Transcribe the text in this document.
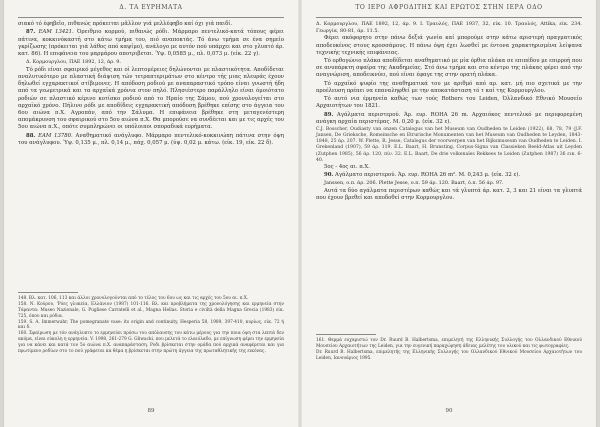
Δ. ΤΑ ΕΥΡΗΜΑΤΑ

σιακό τό έφηβεῖο, πιθανώς πρόκειται μᾶλλον γιά μελλέφηβο καί όχι γιά παιδί.

87. ΕΑΜ 13421. Όρειθμιο κορμού, πιθανώς ρόδι. Μάρμαρο πεντελικό-κατά τόπους φέρει πάτινα, κοκκινόκαστή στο κάτω τμήμα του, πιό αναποκτάς. Τό άνω τμήμα σε ένα σημείο γκρίζωσης (πρόκειται γιά λάθος από καψίμο), ανάλογο με αυτόν πού υπάρχει και στο γλυπτό άρ. κατ. 86). Η επιφάνεια του μαρμάρου αποτριβεται. Ύψ. 0,0585 μ., πλ. 0,073 μ. (είκ. 22 γ).

Δ. Κορμουργλου, ΠΑΕ 1892, 12, άρ. 9.

Τό ρόδι είναι σφαιρικό μέγεθος και οί λεπτομέρειες δηλώνονται με πλαστικότητα. Αποδίδεται αναλυτικότερο με πλαστική διάψιση τών τετραπτεριμάτων στο κέντρο τής μιας πλευράς έχουν δηλωθεί εγχαρακτικοί στίβιμονες. Η απόδοση ροδιού με αναπαραστικό τρόπο είναι γνωστή ήδη από τα γεωμετρικά και τα αρχαϊκά χρόνια στον πηλό. Πλησιέστερο παράλληλο είναι όμοιότατο ροδιών σε πλαστικό κέρινο κοτίσκο ροδιού από το Ηραίο της Σάμου, πού χρονολογείται στο αρχαϊκό χρόνο. Πήλινο ρόδι με αποδίδεις εγχαρακτική απόδοση βρέθηκε επίσης στο άγγεια του 6ου αιώνα π.Χ. Αγροπάν, από την Σάλυμα. Η επιφάνεια βρέθηκε στη μεταγενέστερη απομάκρυνση του σφαιρικού στο 5ου αιώνα π.Χ. Θα μπορούσε να συνδέεται και με τις αρχές του 5ου αιώνα π.Χ., οπότε συμπληρώνει οι υπόλοιποι σποραδικά ευρήματα.

88. ΕΑΜ 13780. Αναθηματικό ανάγλυφο. Μάρμαρο πεντελικό-κοκκινώπη πάτινα στην όψη του ανάγλυφου. Ύψ. 0,135 μ., πλ. 0,14 μ., πάχ. 0,057 μ. (ύψ. 0,02 μ. κάτω. (είκ. 19, είκ. 22 δ).

148. Βλ. κατ. 106, 113 και άλλοι χρονολογούνται από το τέλος του 6ου ως και τις αρχές του 5ου αι. π.Χ.

158. Ν. Κούρου, 'Ρόες γλυκεία, Ελλάνιον (1987) 101-116. Βλ. και προβλήματα της χρονολόγησης και ερμηνεία στην Τάραντα: Museo Nazionale, G. Pugliese Carratelli et al., Magna Hellas. Storia e civiltà della Magna Grecia (1983) είκ. 725, όπου και ρόδια.

159. S. A. Immerwahr, The pomegranate vase: its origin and continuity, Hesperia 58, 1989, 397-410, κυρίως, είκ. 72 ή και δ.

160. Σφαίρωση με τόν ανάγλυπτο το ερμηνεύει πρόσω του απόλαυσης του κάτω μέρους για την ποια όψη στα λεπτά δεν ακόμα, είναι εύκολη η ερμηνεία. V. 1998, 261-279 G. Gliwacki, που μελετά το ελαιόλαδο, με επίγνωση φέρει την ερμηνεία για να κάνει και κατά τον 5ο αιώνα π.Χ. αναπαράσταση. Ροδι βρίσκεται στην ομάδα πού αρχικά αναφέρεται και για πρωτίμενο ροδίων στο το πού γράφεται κα θέμα η βρίσκεται στην πρώτη άγγεια της πρωταθλητικής της εικόνας.

89
ΤΟ ΙΕΡΟ ΑΦΡΟΔΙΤΗΣ ΚΑΙ ΕΡΩΤΟΣ ΣΤΗΝ ΙΕΡΑ ΟΔΟ

Δ. Κορμουργλου, ΠΑΕ 1892, 12, άρ. 9. Ι. Τραυλός, ΠΑΕ 1937, 32, είκ. 10. Τραυλός, Attika, είκ. 234. Γεωργία, 80-81, άρ. 11.5.

Φέρει ακόφορητο στην πάνω δεξιά γωνία καί μπορούμε στην κάτω αριστερή πραγματικός αποδευκένος στους κροσσάμους. Η πάνω όψη έχει λωσθεί με έντονα χαρακτηρισμένα λείψανα τεχνικής τεχνικής επιφάνειας.

Τό ορθογώνιο πλάκα αποδίδεται αναθηματικό με μία όρθια πλάκα σε επιπέδου με επιρροή που σε ανυπάρκτη σφαίρα της Ακαδημείας. Στό άνω τμήμα και στο κέντρο της πλάκας φέρει από την αναγνώριση, αποδεικνύει, πού είναι έφαγε της στην ορατή πλάκα.

Τό αρχαϊκό ψυφίο της αναθηματικά του με αριθμό από αρ. κατ. μή πιο σχετικά με την προέλευση πρέπει να επαναληφθεί με την αποκατάσταση τό τ καί της Κορμουργλου.

Τό αυτό νια έρμηνεία καθώς των τούς Rothers του Leiden, Όλλανδικό Εθνικό Μουσείο Αρχαιοτήτων του 1821.

89. Αγάλματα περιστερού. Άρ. ευρ. ROHA 26 m. Αρχαιόκος πεντελικό με περιφορεμένη ανάγκη αρχαία περιστέρας. Μ. 0,20 μ. (είκ. 32 ε).

C.J. Bosscher, Oudiasty van onzen Catalogus van het Museum van Oudheden te Leiden (1922), 68, 78, 79 (J.F. Jansen, De Grieksche, Romeinsche en Etrurische Monumenten van het Museum van Oudheden te Leyden, 1843-1848, 25 άρ. 207. W. Plette, R. Jesse, Catalogus der voorwerpen van het Rijksmuseum van Oudheden te Leiden. I. Grekenland (1907), 59 άρ. 119. E.L. Baart, H. Brunsting, Corpus-Signa van Classieken Beeld-Atlas uit Leyden (Zutphen 1985), 56 άρ. 120, πίν. 32. E.L. Baart, De drie volkenaïes Rekkees te Leiden (Zutphen 1987) 36 εικ. 6-40.

5ος - 4ος αι. π.Χ.

90. Αγάλματο περιστερού. Άρ. ευρ. ROHA 26 m². Μ. 0,243 μ. (είκ. 32 ε).

Janssen, ο.π. άρ. 206. Plette Jesse, ο.π. 59 άρ. 120. Baart, ό.π. 56 άρ. 97.

Αυτά τα δύο αγάλματα περιστέρων καθώς και τά γλυπτά άρ. κατ. 2, 3 και 21 είναι τα γλυπτά που έχουν βρεθεί και αποδοθεί στην Κορμουργλου.

161. Θερμά ευχαριστώ τον Dr. Ruurd B. Halbertsma, επιμελητή της Ελληνικής Συλλογής του Ολλανδικού Εθνικού Μουσείου Αρχαιοτήτων της Leiden, για την ευγενική παραχώρηση άδειας μελέτης του υλικού και τις φωτογραφίες.

Dr. Ruurd B. Halbertsma, επιμελητής της Ελληνικής Συλλογής του Ολλανδικού Εθνικού Μουσείου Αρχαιοτήτων του Leiden, Ιανουάριος 1995.

90
